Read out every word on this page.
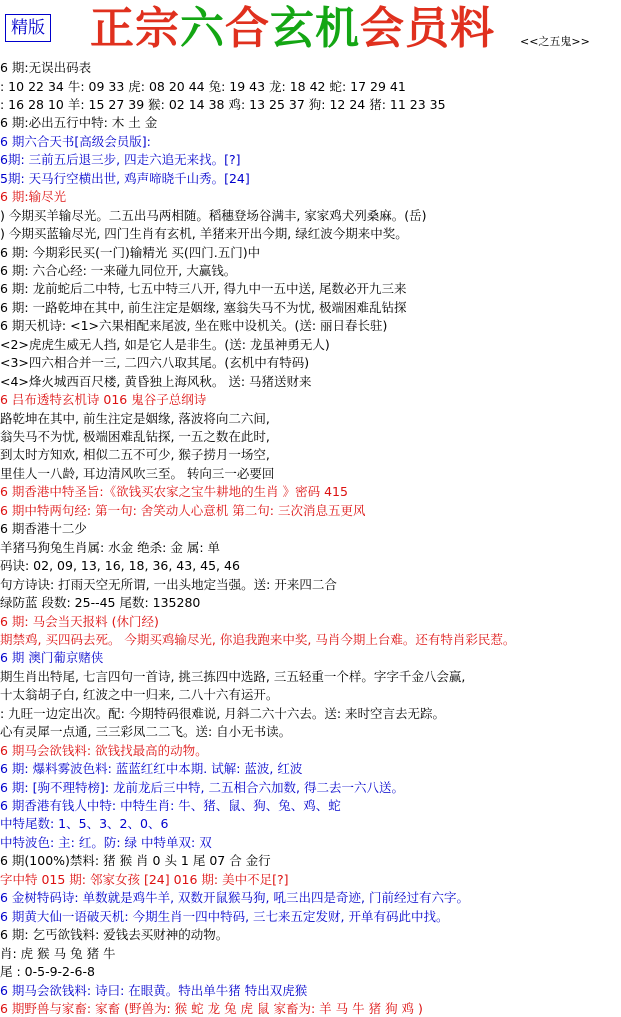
精版 正宗六合玄机会员料 <<之五鬼>>
6 期:无误出码表
: 10 22 34 牛: 09 33 虎: 08 20 44 兔: 19 43 龙: 18 42 蛇: 17 29 41
: 16 28 10 羊: 15 27 39 猴: 02 14 38 鸡: 13 25 37 狗: 12 24 猪: 11 23 35
6 期:必出五行中特: 木 土 金
6 期六合天书[高级会员版]:
6期: 三前五后退三步, 四走六追无来找。[?]
5期: 天马行空横出世, 鸡声啼晓千山秀。[24]
6 期:输尽光
) 今期买羊输尽光。二五出马两相随。稻穗登场谷满丰, 家家鸡犬列桑麻。(岳)
) 今期买蓝输尽光, 四门生肖有玄机, 羊猪来开出今期, 绿红波今期来中奖。
6 期: 今期彩民买(一门)输精光 买(四门.五门)中
6 期: 六合心经: 一来碰九同位开, 大赢钱。
6 期: 龙前蛇后二中特, 七五中特三八开, 得九中一五中送, 尾数必开九三来
6 期: 一路乾坤在其中, 前生注定是姻缘, 塞翁失马不为忧, 极端困难乱钻探
6 期天机诗: <1>六果相配来尾波, 坐在账中设机关。(送: 丽日春长驻)
<2>虎虎生威无人挡, 如是它人是非生。(送: 龙虽神勇无人)
<3>四六相合并一三, 二四六八取其尾。(玄机中有特码)
<4>烽火城西百尺楼, 黄昏独上海风秋。 送: 马猪送财来
6 吕布透特玄机诗 016 鬼谷子总纲诗
路乾坤在其中, 前生注定是姻缘, 落波将向二六间,
翁失马不为忧, 极端困难乱钻探, 一五之数在此时,
到太时方知欢, 相似二五不可少, 猴子捞月一场空,
里佳人一八龄, 耳边清风吹三至。 转向三一必要回
6 期香港中特圣旨:《欲钱买农家之宝牛耕地的生肖 》密码 415
6 期中特两句经: 第一句: 舍笑动人心意机 第二句: 三次消息五更风
6 期香港十二少
羊猪马狗兔生肖属: 水金 绝杀: 金 属: 单
码诀: 02, 09, 13, 16, 18, 36, 43, 45, 46
句方诗诀: 打雨天空无所谓, 一出头地定当强。送: 开来四二合
绿防蓝 段数: 25--45 尾数: 135280
6 期: 马会当天报料 (休门经)
期禁鸡, 买四码去死。 今期买鸡输尽光, 你追我跑来中奖, 马肖今期上台难。还有特肖彩民惹。
6 期 澳门葡京赌侠
期生肖出特尾, 七言四句一首诗, 挑三拣四中选路, 三五轻重一个样。字字千金八会赢,
十太翁胡子白, 红波之中一归来, 二八十六有运开。
: 九旺一边定出次。配: 今期特码很难说, 月斜二六十六去。送: 来时空言去无踪。
心有灵犀一点通, 三三彩凤二二飞。送: 自小无书读。
6 期马会欲钱料: 欲钱找最高的动物。
6 期: 爆料雾波色料: 蓝蓝红红中本期. 试解: 蓝波, 红波
6 期: [驹不理特榜]: 龙前龙后三中特, 二五相合六加数, 得二去一六八送。
6 期香港有钱人中特: 中特生肖: 牛、猪、鼠、狗、兔、鸡、蛇
中特尾数: 1、5、3、2、0、6
中特波色: 主: 红。防: 绿 中特单双: 双
6 期(100%)禁料: 猪 猴 肖 0 头 1 尾 07 合 金行
字中特 015 期: 邻家女孩 [24] 016 期: 美中不足[?]
6 金树特码诗: 单数就是鸡牛羊, 双数开鼠猴马狗, 吼三出四是奇迹, 门前经过有六字。
6 期黄大仙一语破天机: 今期生肖一四中特码, 三七来五定发财, 开单有码此中找。
6 期: 乞丐欲钱料: 爱钱去买财神的动物。
肖: 虎 猴 马 兔 猪 牛
尾 : 0-5-9-2-6-8
6 期马会欲钱料: 诗曰: 在眼黄。特出单牛猪 特出双虎猴
6 期野兽与家畜: 家畜 (野兽为: 猴 蛇 龙 兔 虎 鼠 家畜为: 羊 马 牛 猪 狗 鸡 )
